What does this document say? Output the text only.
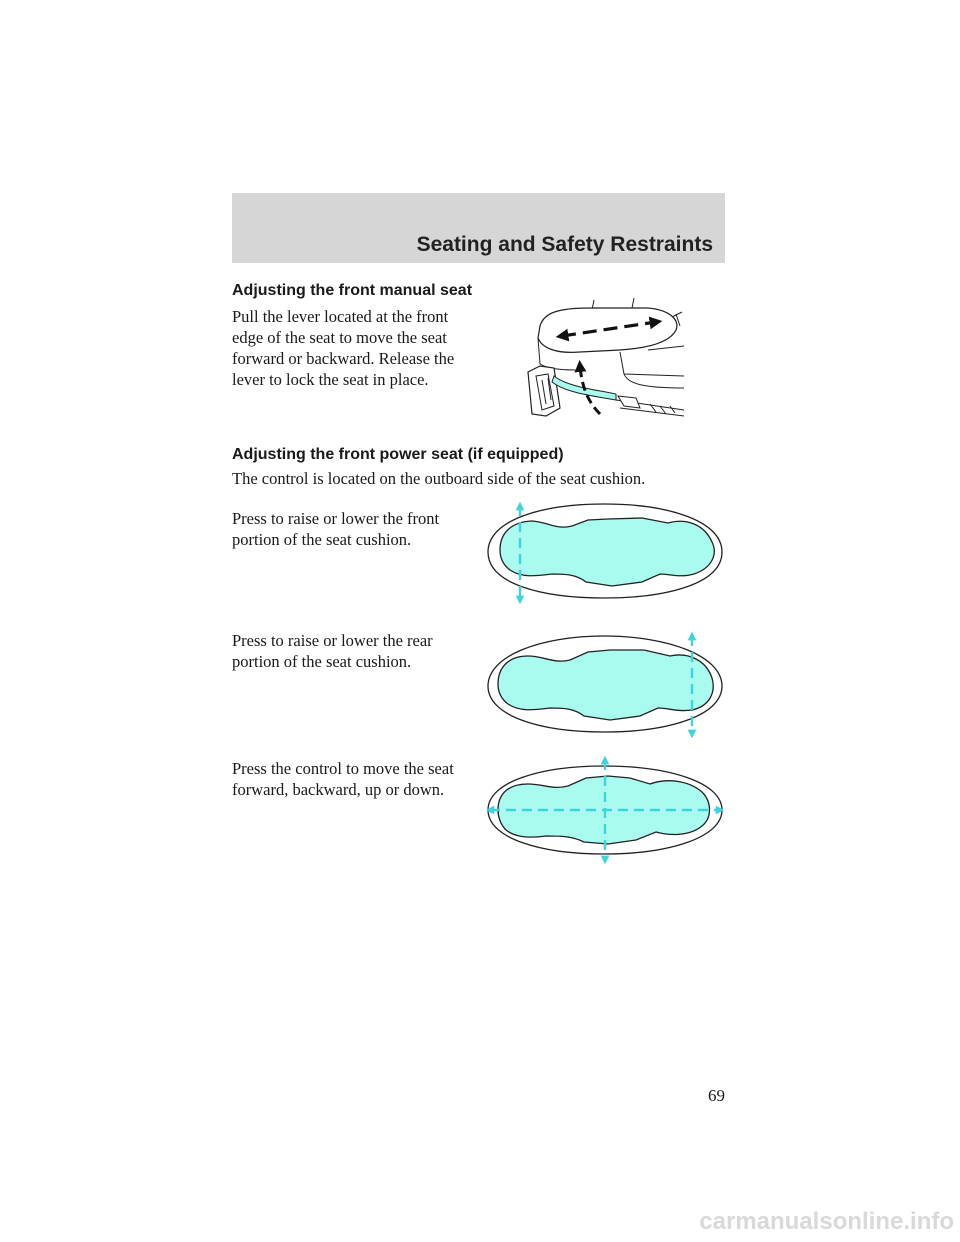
Seating and Safety Restraints
Adjusting the front manual seat
Pull the lever located at the front
edge of the seat to move the seat
forward or backward. Release the
lever to lock the seat in place.
Adjusting the front power seat (if equipped)
The control is located on the outboard side of the seat cushion.
Press to raise or lower the front
portion of the seat cushion.
Press to raise or lower the rear
portion of the seat cushion.
Press the control to move the seat
forward, backward, up or down.
69
carmanualsonline.info
